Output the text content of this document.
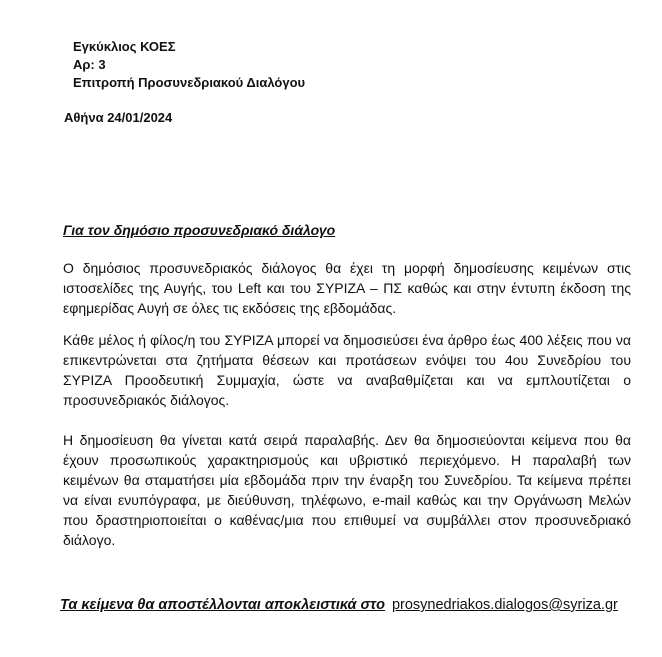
Εγκύκλιος ΚΟΕΣ
Αρ: 3
Επιτροπή Προσυνεδριακού Διαλόγου
Αθήνα 24/01/2024
Για τον δημόσιο προσυνεδριακό διάλογο
Ο δημόσιος προσυνεδριακός διάλογος θα έχει τη μορφή δημοσίευσης κειμένων στις ιστοσελίδες της Αυγής, του Left και του ΣΥΡΙΖΑ – ΠΣ καθώς και στην έντυπη έκδοση της εφημερίδας Αυγή σε όλες τις εκδόσεις της εβδομάδας.
Κάθε μέλος ή φίλος/η του ΣΥΡΙΖΑ μπορεί να δημοσιεύσει ένα άρθρο έως 400 λέξεις που να επικεντρώνεται στα ζητήματα θέσεων και προτάσεων ενόψει του 4ου Συνεδρίου του ΣΥΡΙΖΑ Προοδευτική Συμμαχία, ώστε να αναβαθμίζεται και να εμπλουτίζεται ο προσυνεδριακός διάλογος.
Η δημοσίευση θα γίνεται κατά σειρά παραλαβής. Δεν θα δημοσιεύονται κείμενα που θα έχουν προσωπικούς χαρακτηρισμούς και υβριστικό περιεχόμενο. Η παραλαβή των κειμένων θα σταματήσει μία εβδομάδα πριν την έναρξη του Συνεδρίου. Τα κείμενα πρέπει να είναι ενυπόγραφα, με διεύθυνση, τηλέφωνο, e-mail καθώς και την Οργάνωση Μελών που δραστηριοποιείται ο καθένας/μια που επιθυμεί να συμβάλλει στον προσυνεδριακό διάλογο.
Τα κείμενα θα αποστέλλονται αποκλειστικά στο prosynedriakos.dialogos@syriza.gr
